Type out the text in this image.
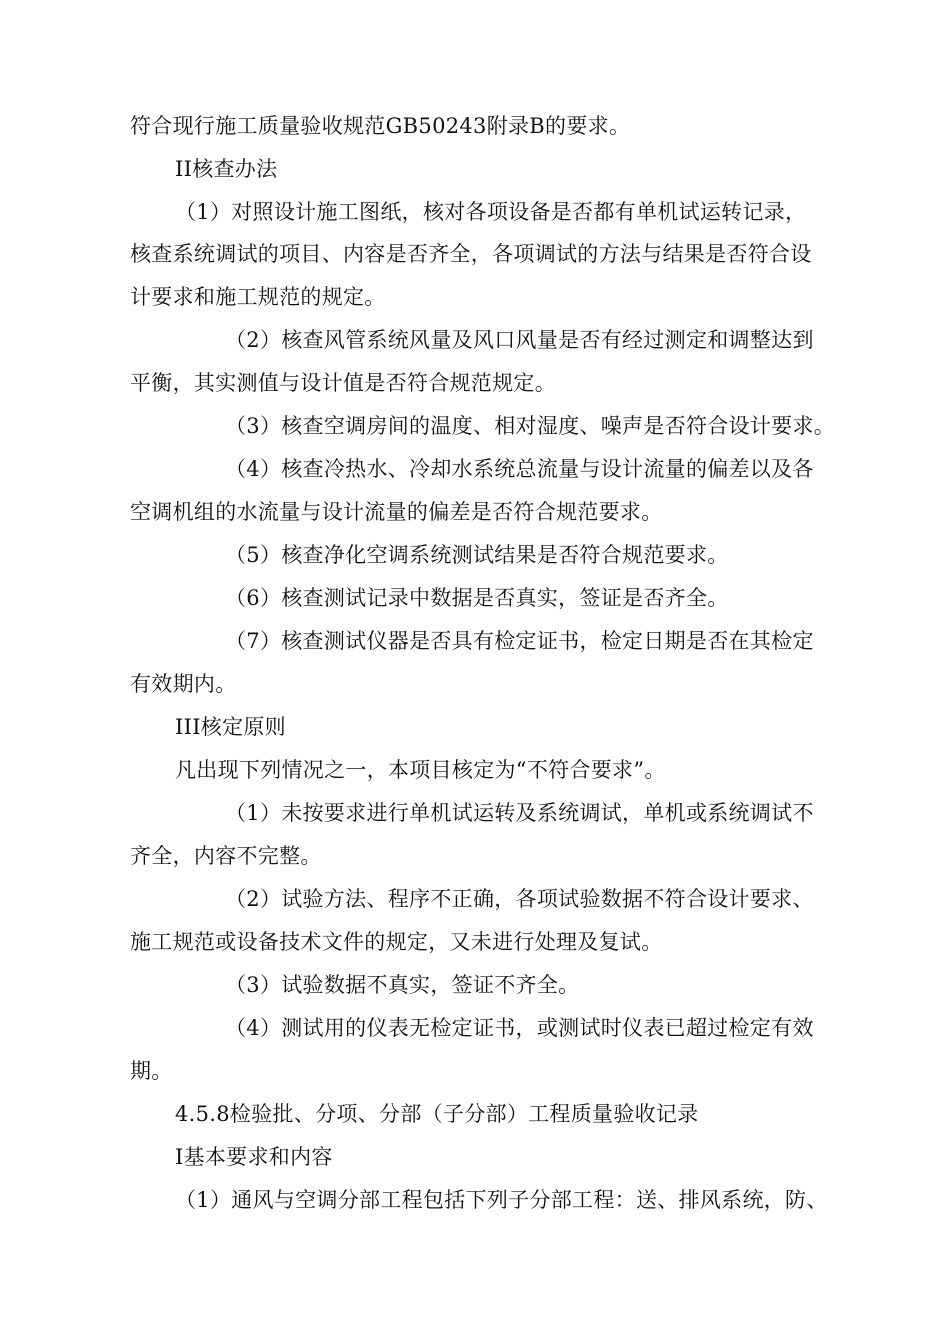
符合现行施工质量验收规范GB50243附录B的要求。
II核查办法
（1）对照设计施工图纸，核对各项设备是否都有单机试运转记录，
核查系统调试的项目、内容是否齐全，各项调试的方法与结果是否符合设
计要求和施工规范的规定。
（2）核查风管系统风量及风口风量是否有经过测定和调整达到
平衡，其实测值与设计值是否符合规范规定。
（3）核查空调房间的温度、相对湿度、噪声是否符合设计要求。
（4）核查冷热水、冷却水系统总流量与设计流量的偏差以及各
空调机组的水流量与设计流量的偏差是否符合规范要求。
（5）核查净化空调系统测试结果是否符合规范要求。
（6）核查测试记录中数据是否真实，签证是否齐全。
（7）核查测试仪器是否具有检定证书，检定日期是否在其检定
有效期内。
III核定原则
凡出现下列情况之一，本项目核定为“不符合要求”。
（1）未按要求进行单机试运转及系统调试，单机或系统调试不
齐全，内容不完整。
（2）试验方法、程序不正确，各项试验数据不符合设计要求、
施工规范或设备技术文件的规定，又未进行处理及复试。
（3）试验数据不真实，签证不齐全。
（4）测试用的仪表无检定证书，或测试时仪表已超过检定有效
期。
4.5.8检验批、分项、分部（子分部）工程质量验收记录
I基本要求和内容
（1）通风与空调分部工程包括下列子分部工程：送、排风系统，防、
